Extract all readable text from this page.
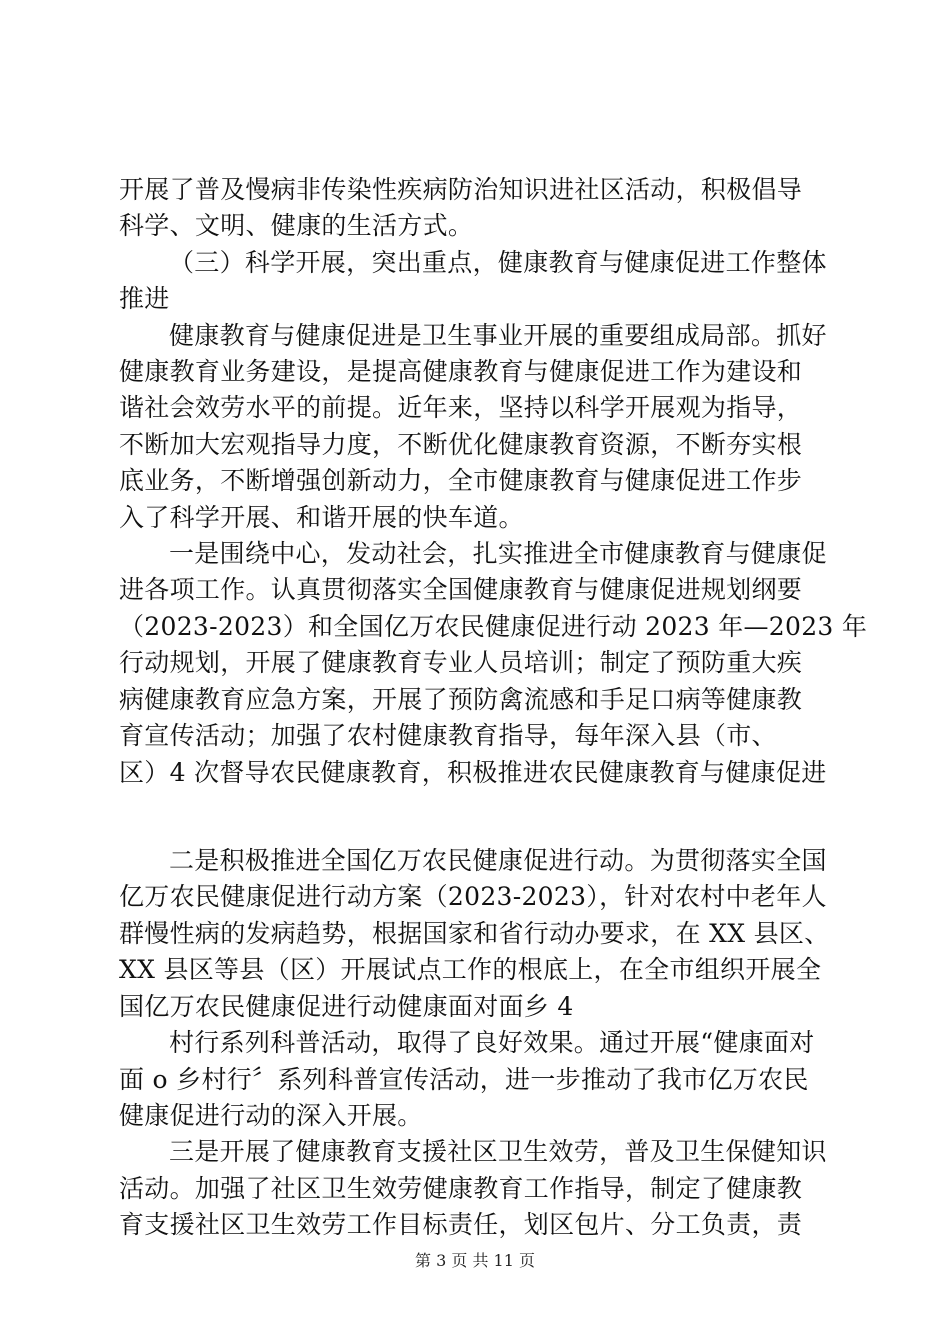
开展了普及慢病非传染性疾病防治知识进社区活动，积极倡导
科学、文明、健康的生活方式。
（三）科学开展，突出重点，健康教育与健康促进工作整体
推进
健康教育与健康促进是卫生事业开展的重要组成局部。抓好
健康教育业务建设，是提高健康教育与健康促进工作为建设和
谐社会效劳水平的前提。近年来，坚持以科学开展观为指导，
不断加大宏观指导力度，不断优化健康教育资源，不断夯实根
底业务，不断增强创新动力，全市健康教育与健康促进工作步
入了科学开展、和谐开展的快车道。
一是围绕中心，发动社会，扎实推进全市健康教育与健康促
进各项工作。认真贯彻落实全国健康教育与健康促进规划纲要
（2023-2023）和全国亿万农民健康促进行动 2023 年—2023 年
行动规划，开展了健康教育专业人员培训；制定了预防重大疾
病健康教育应急方案，开展了预防禽流感和手足口病等健康教
育宣传活动；加强了农村健康教育指导，每年深入县（市、
区）4 次督导农民健康教育，积极推进农民健康教育与健康促进
二是积极推进全国亿万农民健康促进行动。为贯彻落实全国
亿万农民健康促进行动方案（2023-2023），针对农村中老年人
群慢性病的发病趋势，根据国家和省行动办要求，在 XX 县区、
XX 县区等县（区）开展试点工作的根底上，在全市组织开展全
国亿万农民健康促进行动健康面对面乡 4
村行系列科普活动，取得了良好效果。通过开展“健康面对
面 o 乡村行〞系列科普宣传活动，进一步推动了我市亿万农民
健康促进行动的深入开展。
三是开展了健康教育支援社区卫生效劳，普及卫生保健知识
活动。加强了社区卫生效劳健康教育工作指导，制定了健康教
育支援社区卫生效劳工作目标责任，划区包片、分工负责，责
第 3 页 共 11 页
